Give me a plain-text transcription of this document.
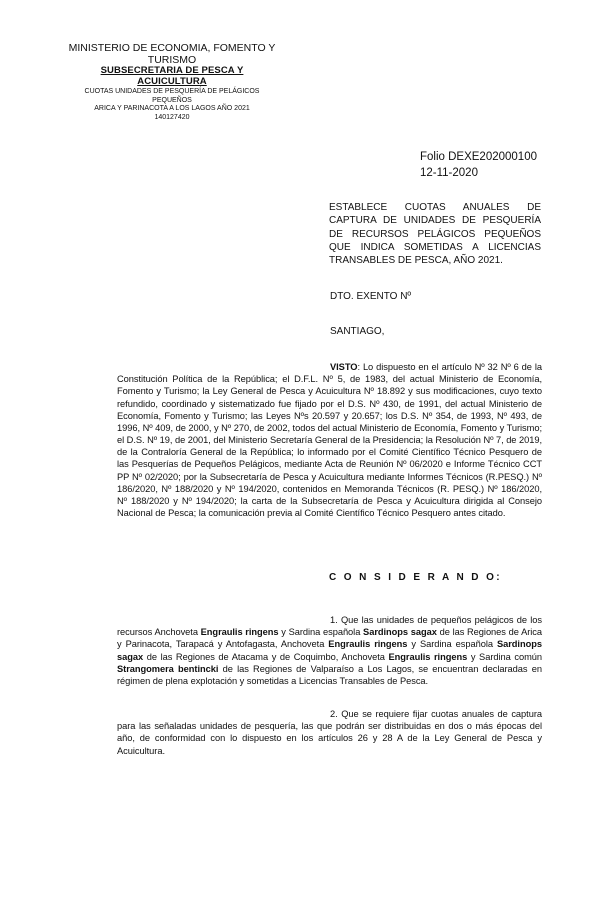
MINISTERIO DE ECONOMIA, FOMENTO Y
TURISMO
SUBSECRETARIA DE PESCA Y
ACUICULTURA
CUOTAS UNIDADES DE PESQUERÍA DE PELÁGICOS
PEQUEÑOS
ARICA Y PARINACOTA A LOS LAGOS AÑO 2021
140127420
Folio DEXE202000100
12-11-2020
ESTABLECE CUOTAS ANUALES DE CAPTURA DE UNIDADES DE PESQUERÍA DE RECURSOS PELÁGICOS PEQUEÑOS QUE INDICA SOMETIDAS A LICENCIAS TRANSABLES DE PESCA, AÑO 2021.
DTO. EXENTO Nº
SANTIAGO,
VISTO: Lo dispuesto en el artículo Nº 32 Nº 6 de la Constitución Política de la República; el D.F.L. Nº 5, de 1983, del actual Ministerio de Economía, Fomento y Turismo; la Ley General de Pesca y Acuicultura Nº 18.892 y sus modificaciones, cuyo texto refundido, coordinado y sistematizado fue fijado por el D.S. Nº 430, de 1991, del actual Ministerio de Economía, Fomento y Turismo; las Leyes Nºs 20.597 y 20.657; los D.S. Nº 354, de 1993, Nº 493, de 1996, Nº 409, de 2000, y Nº 270, de 2002, todos del actual Ministerio de Economía, Fomento y Turismo; el D.S. Nº 19, de 2001, del Ministerio Secretaría General de la Presidencia; la Resolución Nº 7, de 2019, de la Contraloría General de la República; lo informado por el Comité Científico Técnico Pesquero de las Pesquerías de Pequeños Pelágicos, mediante Acta de Reunión Nº 06/2020 e Informe Técnico CCT PP Nº 02/2020; por la Subsecretaría de Pesca y Acuicultura mediante Informes Técnicos (R.PESQ.) Nº 186/2020, Nº 188/2020 y Nº 194/2020, contenidos en Memoranda Técnicos (R. PESQ.) Nº 186/2020, Nº 188/2020 y Nº 194/2020; la carta de la Subsecretaría de Pesca y Acuicultura dirigida al Consejo Nacional de Pesca; la comunicación previa al Comité Científico Técnico Pesquero antes citado.
C O N S I D E R A N D O:
1. Que las unidades de pequeños pelágicos de los recursos Anchoveta Engraulis ringens y Sardina española Sardinops sagax de las Regiones de Arica y Parinacota, Tarapacá y Antofagasta, Anchoveta Engraulis ringens y Sardina española Sardinops sagax de las Regiones de Atacama y de Coquimbo, Anchoveta Engraulis ringens y Sardina común Strangomera bentincki de las Regiones de Valparaíso a Los Lagos, se encuentran declaradas en régimen de plena explotación y sometidas a Licencias Transables de Pesca.
2. Que se requiere fijar cuotas anuales de captura para las señaladas unidades de pesquería, las que podrán ser distribuidas en dos o más épocas del año, de conformidad con lo dispuesto en los artículos 26 y 28 A de la Ley General de Pesca y Acuicultura.
